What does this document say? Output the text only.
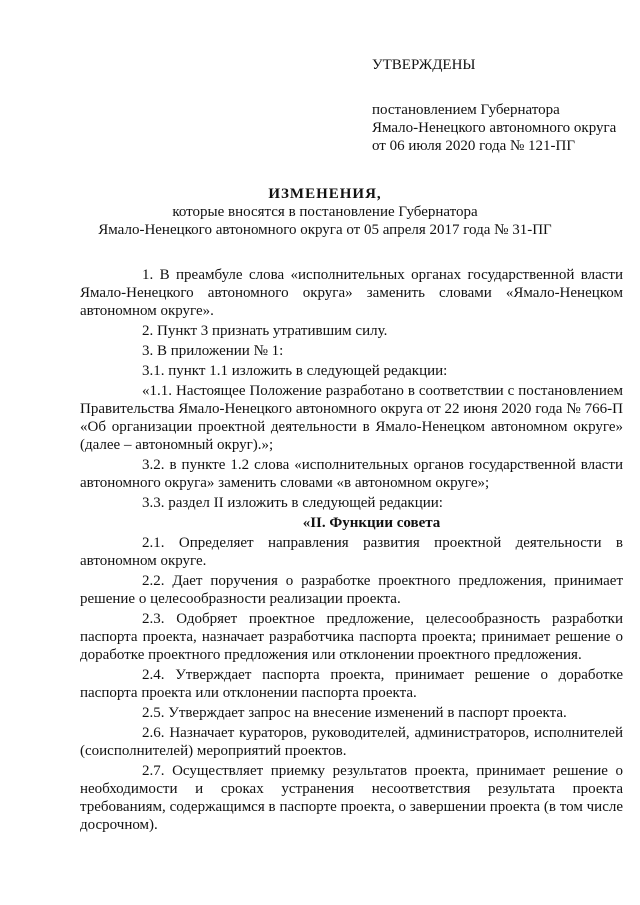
УТВЕРЖДЕНЫ
постановлением Губернатора
Ямало-Ненецкого автономного округа
от 06 июля 2020 года № 121-ПГ
ИЗМЕНЕНИЯ,
которые вносятся в постановление Губернатора
Ямало-Ненецкого автономного округа от 05 апреля 2017 года № 31-ПГ

1. В преамбуле слова «исполнительных органах государственной власти Ямало-Ненецкого автономного округа» заменить словами «Ямало-Ненецком автономном округе».

2. Пункт 3 признать утратившим силу.

3. В приложении № 1:

3.1. пункт 1.1 изложить в следующей редакции:

«1.1. Настоящее Положение разработано в соответствии с постановлением Правительства Ямало-Ненецкого автономного округа от 22 июня 2020 года № 766-П «Об организации проектной деятельности в Ямало-Ненецком автономном округе» (далее – автономный округ).»;

3.2. в пункте 1.2 слова «исполнительных органов государственной власти автономного округа» заменить словами «в автономном округе»;

3.3. раздел II изложить в следующей редакции:

«II. Функции совета

2.1. Определяет направления развития проектной деятельности в автономном округе.

2.2. Дает поручения о разработке проектного предложения, принимает решение о целесообразности реализации проекта.

2.3. Одобряет проектное предложение, целесообразность разработки паспорта проекта, назначает разработчика паспорта проекта; принимает решение о доработке проектного предложения или отклонении проектного предложения.

2.4. Утверждает паспорта проекта, принимает решение о доработке паспорта проекта или отклонении паспорта проекта.

2.5. Утверждает запрос на внесение изменений в паспорт проекта.

2.6. Назначает кураторов, руководителей, администраторов, исполнителей (соисполнителей) мероприятий проектов.

2.7. Осуществляет приемку результатов проекта, принимает решение о необходимости и сроках устранения несоответствия результата проекта требованиям, содержащимся в паспорте проекта, о завершении проекта (в том числе досрочном).
